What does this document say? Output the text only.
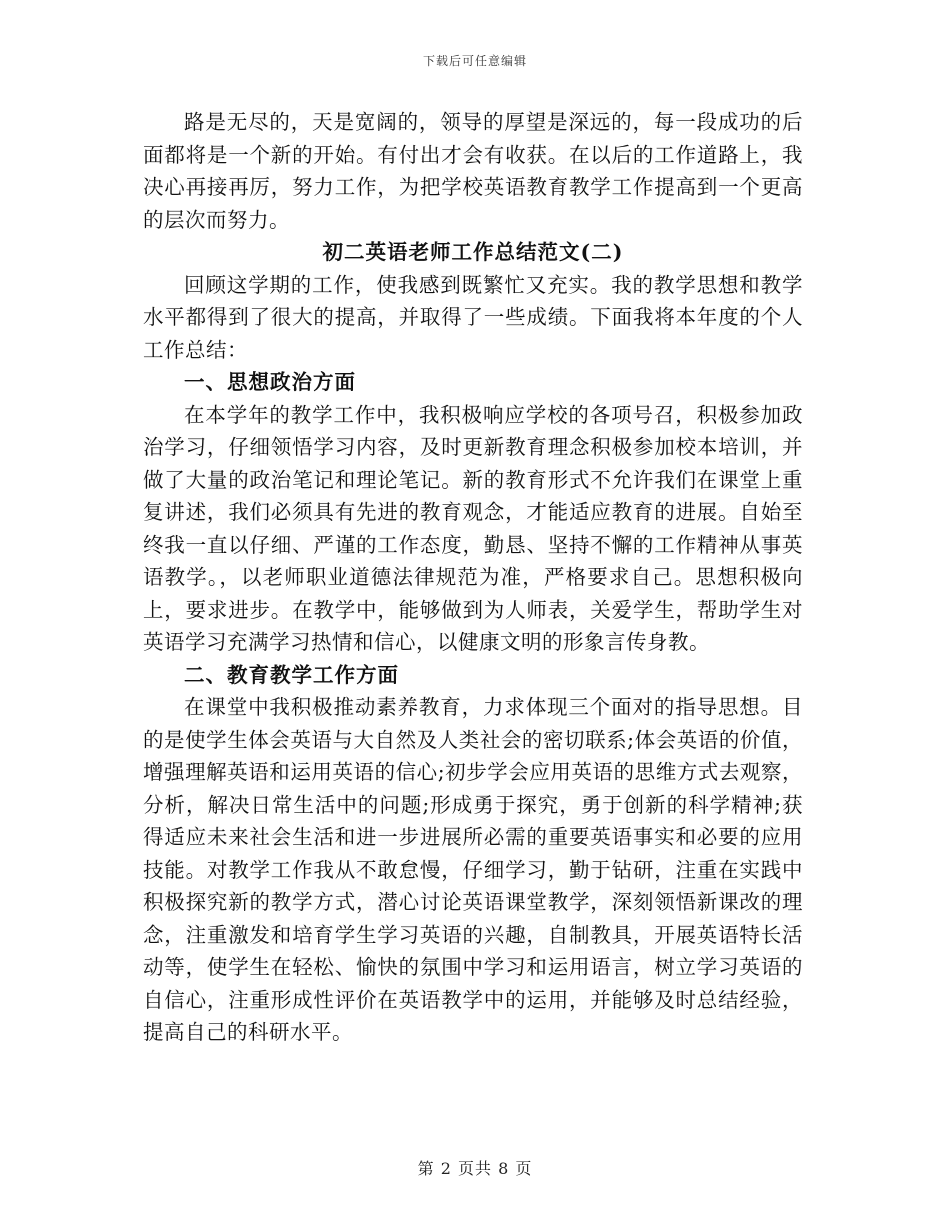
下载后可任意编辑

路是无尽的，天是宽阔的，领导的厚望是深远的，每一段成功的后面都将是一个新的开始。有付出才会有收获。在以后的工作道路上，我决心再接再厉，努力工作，为把学校英语教育教学工作提高到一个更高的层次而努力。

初二英语老师工作总结范文(二)

回顾这学期的工作，使我感到既繁忙又充实。我的教学思想和教学水平都得到了很大的提高，并取得了一些成绩。下面我将本年度的个人工作总结：

一、思想政治方面

在本学年的教学工作中，我积极响应学校的各项号召，积极参加政治学习，仔细领悟学习内容，及时更新教育理念积极参加校本培训，并做了大量的政治笔记和理论笔记。新的教育形式不允许我们在课堂上重复讲述，我们必须具有先进的教育观念，才能适应教育的进展。自始至终我一直以仔细、严谨的工作态度，勤恳、坚持不懈的工作精神从事英语教学。，以老师职业道德法律规范为准，严格要求自己。思想积极向上，要求进步。在教学中，能够做到为人师表，关爱学生，帮助学生对英语学习充满学习热情和信心，以健康文明的形象言传身教。

二、教育教学工作方面

在课堂中我积极推动素养教育，力求体现三个面对的指导思想。目的是使学生体会英语与大自然及人类社会的密切联系;体会英语的价值，增强理解英语和运用英语的信心;初步学会应用英语的思维方式去观察，分析，解决日常生活中的问题;形成勇于探究，勇于创新的科学精神;获得适应未来社会生活和进一步进展所必需的重要英语事实和必要的应用技能。对教学工作我从不敢怠慢，仔细学习，勤于钻研，注重在实践中积极探究新的教学方式，潜心讨论英语课堂教学，深刻领悟新课改的理念，注重激发和培育学生学习英语的兴趣，自制教具，开展英语特长活动等，使学生在轻松、愉快的氛围中学习和运用语言，树立学习英语的自信心，注重形成性评价在英语教学中的运用，并能够及时总结经验，提高自己的科研水平。

第 2 页共 8 页
